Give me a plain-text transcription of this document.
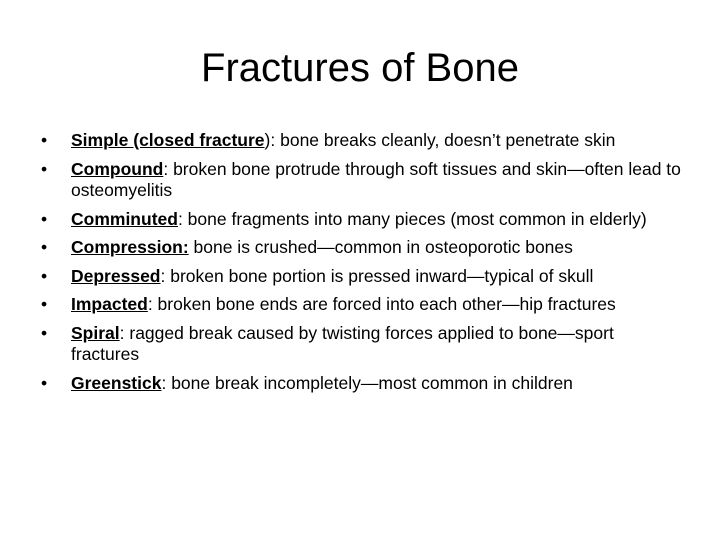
Fractures of Bone
• Simple (closed fracture): bone breaks cleanly, doesn’t penetrate skin
• Compound: broken bone protrude through soft tissues and skin—often lead to osteomyelitis
• Comminuted: bone fragments into many pieces (most common in elderly)
• Compression: bone is crushed—common in osteoporotic bones
• Depressed: broken bone portion is pressed inward—typical of skull
• Impacted: broken bone ends are forced into each other—hip fractures
• Spiral: ragged break caused by twisting forces applied to bone—sport fractures
• Greenstick: bone break incompletely—most common in children
